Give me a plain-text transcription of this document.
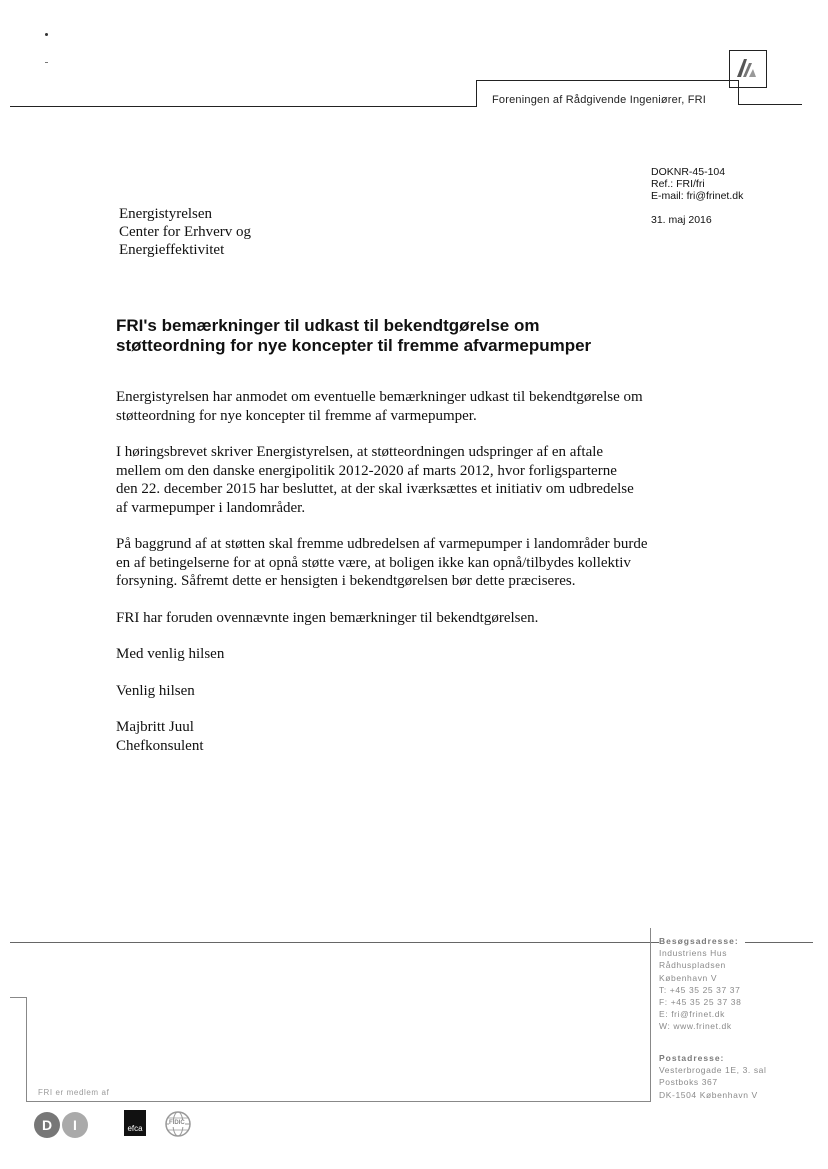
Foreningen af Rådgivende Ingeniører, FRI
DOKNR-45-104
Ref.: FRI/fri
E-mail: fri@frinet.dk
31. maj 2016
Energistyrelsen
Center for Erhverv og
Energieffektivitet
FRI's bemærkninger til udkast til bekendtgørelse om
støtteordning for nye koncepter til fremme afvarmepumper

Energistyrelsen har anmodet om eventuelle bemærkninger udkast til bekendtgørelse om støtteordning for nye koncepter til fremme af varmepumper.

I høringsbrevet skriver Energistyrelsen, at støtteordningen udspringer af en aftale mellem om den danske energipolitik 2012-2020 af marts 2012, hvor forligsparterne den 22. december 2015 har besluttet, at der skal iværksættes et initiativ om udbredelse af varmepumper i landområder.

På baggrund af at støtten skal fremme udbredelsen af varmepumper i landområder burde en af betingelserne for at opnå støtte være, at boligen ikke kan opnå/tilbydes kollektiv forsyning. Såfremt dette er hensigten i bekendtgørelsen bør dette præciseres.

FRI har foruden ovennævnte ingen bemærkninger til bekendtgørelsen.

Med venlig hilsen

Venlig hilsen

Majbritt Juul
Chefkonsulent

Besøgsadresse:
Industriens Hus
Rådhuspladsen
København V
T: +45 35 25 37 37
F: +45 35 25 37 38
E: fri@frinet.dk
W: www.frinet.dk
Postadresse:
Vesterbrogade 1E, 3. sal
Postboks 367
DK-1504 København V
FRI er medlem af
D	I	efca
FIDIC
